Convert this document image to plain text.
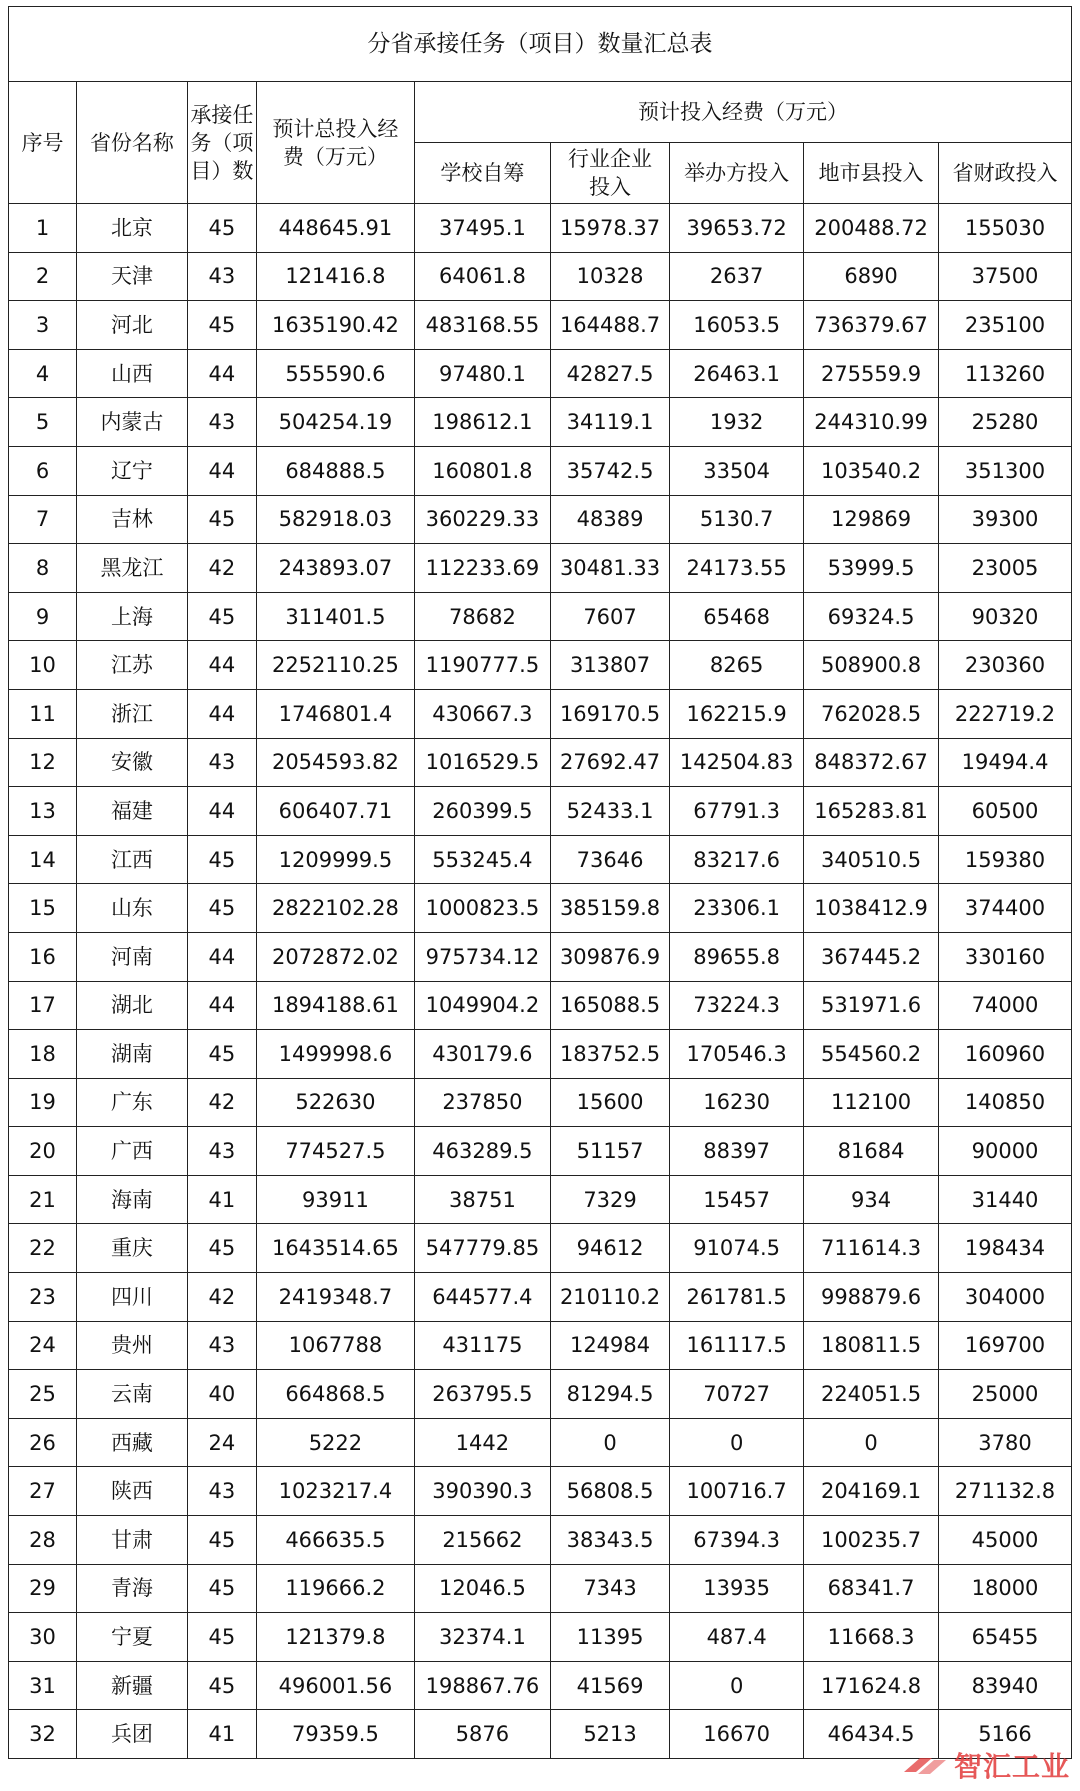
分省承接任务（项目）数量汇总表								
序号	省份名称	承接任务（项目）数	预计总投入经费（万元）	预计投入经费（万元）				
				学校自筹	行业企业投入	举办方投入	地市县投入	省财政投入
1	北京	45	448645.91	37495.1	15978.37	39653.72	200488.72	155030
2	天津	43	121416.8	64061.8	10328	2637	6890	37500
3	河北	45	1635190.42	483168.55	164488.7	16053.5	736379.67	235100
4	山西	44	555590.6	97480.1	42827.5	26463.1	275559.9	113260
5	内蒙古	43	504254.19	198612.1	34119.1	1932	244310.99	25280
6	辽宁	44	684888.5	160801.8	35742.5	33504	103540.2	351300
7	吉林	45	582918.03	360229.33	48389	5130.7	129869	39300
8	黑龙江	42	243893.07	112233.69	30481.33	24173.55	53999.5	23005
9	上海	45	311401.5	78682	7607	65468	69324.5	90320
10	江苏	44	2252110.25	1190777.5	313807	8265	508900.8	230360
11	浙江	44	1746801.4	430667.3	169170.5	162215.9	762028.5	222719.2
12	安徽	43	2054593.82	1016529.5	27692.47	142504.83	848372.67	19494.4
13	福建	44	606407.71	260399.5	52433.1	67791.3	165283.81	60500
14	江西	45	1209999.5	553245.4	73646	83217.6	340510.5	159380
15	山东	45	2822102.28	1000823.5	385159.8	23306.1	1038412.9	374400
16	河南	44	2072872.02	975734.12	309876.9	89655.8	367445.2	330160
17	湖北	44	1894188.61	1049904.2	165088.5	73224.3	531971.6	74000
18	湖南	45	1499998.6	430179.6	183752.5	170546.3	554560.2	160960
19	广东	42	522630	237850	15600	16230	112100	140850
20	广西	43	774527.5	463289.5	51157	88397	81684	90000
21	海南	41	93911	38751	7329	15457	934	31440
22	重庆	45	1643514.65	547779.85	94612	91074.5	711614.3	198434
23	四川	42	2419348.7	644577.4	210110.2	261781.5	998879.6	304000
24	贵州	43	1067788	431175	124984	161117.5	180811.5	169700
25	云南	40	664868.5	263795.5	81294.5	70727	224051.5	25000
26	西藏	24	5222	1442	0	0	0	3780
27	陕西	43	1023217.4	390390.3	56808.5	100716.7	204169.1	271132.8
28	甘肃	45	466635.5	215662	38343.5	67394.3	100235.7	45000
29	青海	45	119666.2	12046.5	7343	13935	68341.7	18000
30	宁夏	45	121379.8	32374.1	11395	487.4	11668.3	65455
31	新疆	45	496001.56	198867.76	41569	0	171624.8	83940
32	兵团	41	79359.5	5876	5213	16670	46434.5	5166
智汇工业
